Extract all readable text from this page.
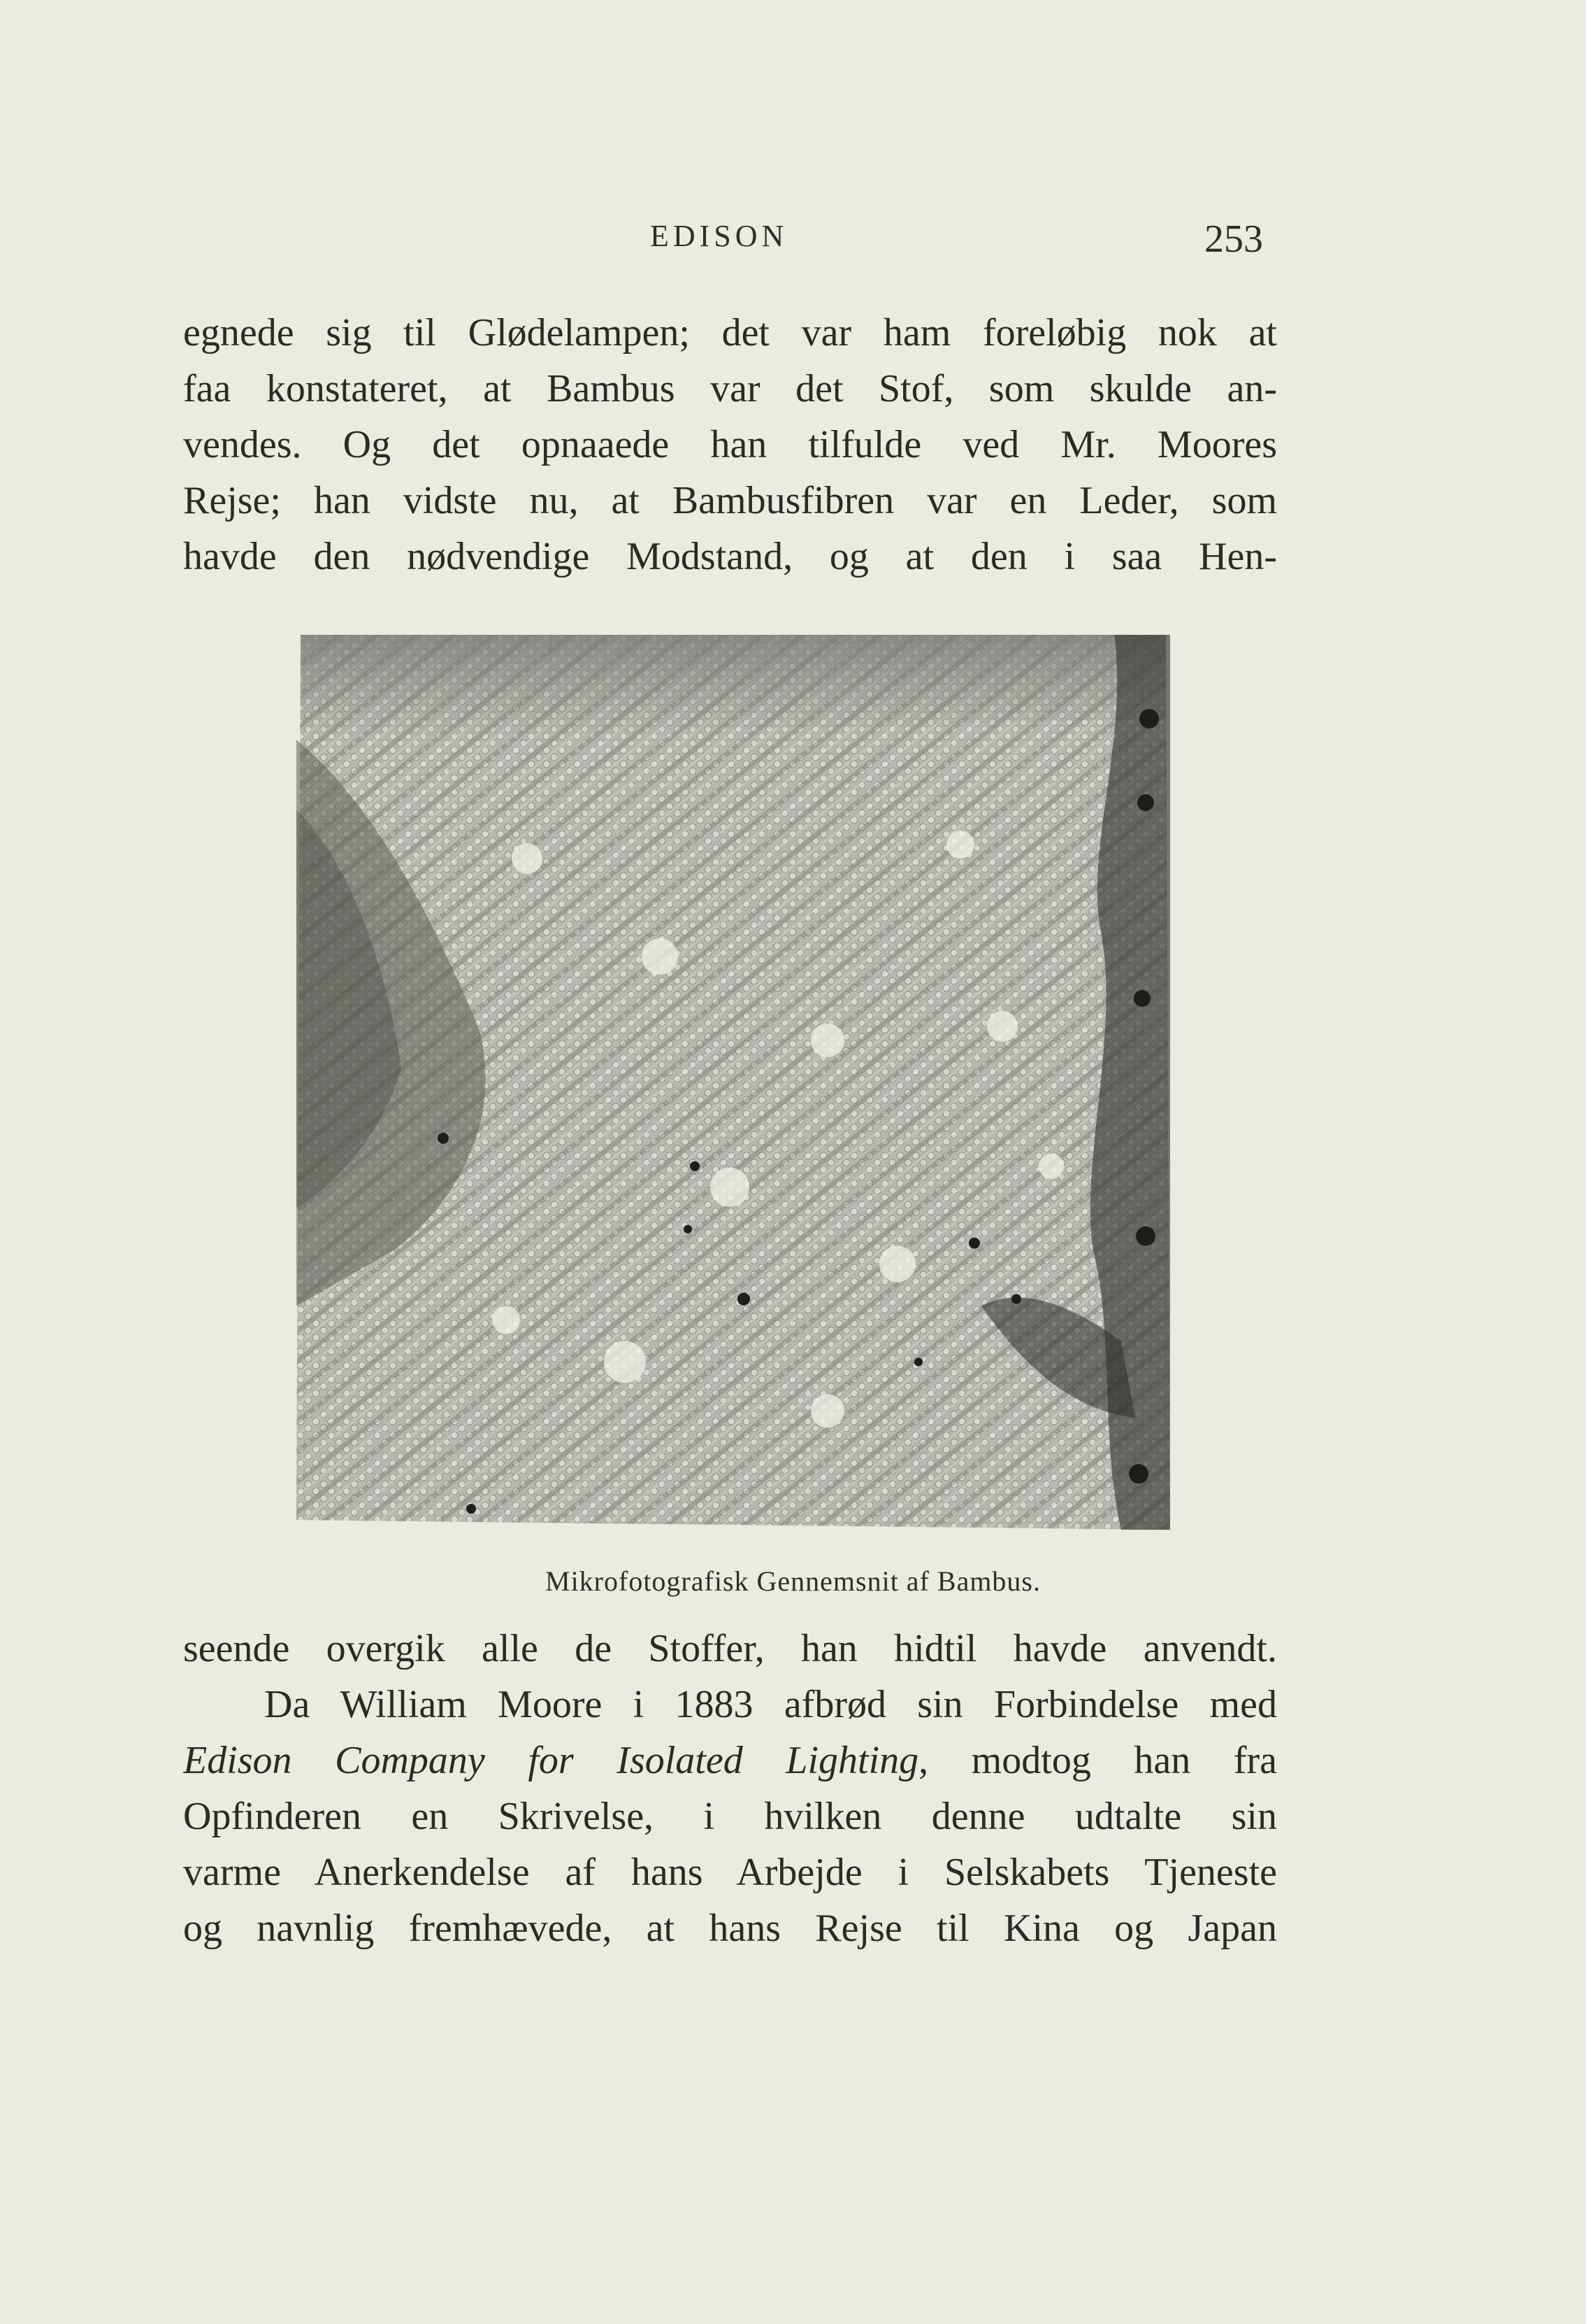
EDISON	253
egnede sig til Glødelampen; det var ham foreløbig nok at
faa konstateret, at Bambus var det Stof, som skulde an-
vendes. Og det opnaaede han tilfulde ved Mr. Moores
Rejse; han vidste nu, at Bambusfibren var en Leder, som
havde den nødvendige Modstand, og at den i saa Hen-
Mikrofotografisk Gennemsnit af Bambus.
seende overgik alle de Stoffer, han hidtil havde anvendt.
Da William Moore i 1883 afbrød sin Forbindelse med
Edison Company for Isolated Lighting, modtog han fra
Opfinderen en Skrivelse, i hvilken denne udtalte sin
varme Anerkendelse af hans Arbejde i Selskabets Tjeneste
og navnlig fremhævede, at hans Rejse til Kina og Japan
